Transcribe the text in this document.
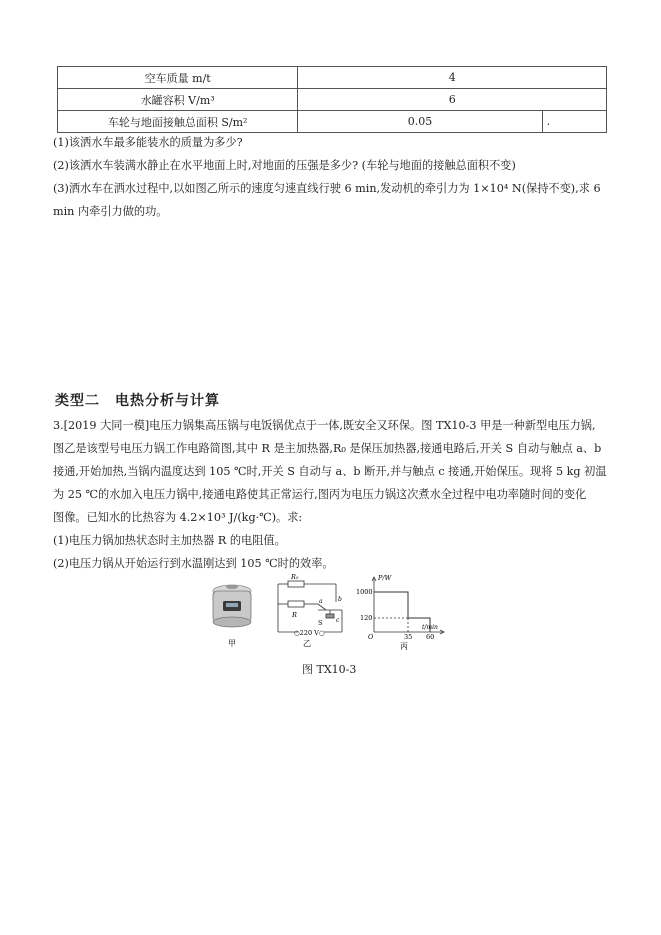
空车质量 m/t	4	
水罐容积 V/m³	6	
车轮与地面接触总面积 S/m²	0.05	.
(1)该洒水车最多能装水的质量为多少?
(2)该洒水车装满水静止在水平地面上时,对地面的压强是多少? (车轮与地面的接触总面积不变)
(3)洒水车在洒水过程中,以如图乙所示的速度匀速直线行驶 6 min,发动机的牵引力为 1×10⁴ N(保持不变),求 6
min 内牵引力做的功。
类型二　电热分析与计算
3.[2019 大同一模]电压力锅集高压锅与电饭锅优点于一体,既安全又环保。图 TX10-3 甲是一种新型电压力锅,
图乙是该型号电压力锅工作电路简图,其中 R 是主加热器,R₀ 是保压加热器,接通电路后,开关 S 自动与触点 a、b
接通,开始加热,当锅内温度达到 105 ℃时,开关 S 自动与 a、b 断开,并与触点 c 接通,开始保压。现将 5 kg 初温
为 25 ℃的水加入电压力锅中,接通电路使其正常运行,图丙为电压力锅这次煮水全过程中电功率随时间的变化
图像。已知水的比热容为 4.2×10³ J/(kg·℃)。求:
(1)电压力锅加热状态时主加热器 R 的电阻值。
(2)电压力锅从开始运行到水温刚达到 105 ℃时的效率。
甲
R₀
R
a	b
c
S
○220 V○
乙
P/W
t/min
1000
120
O	35 60
丙
图 TX10-3
